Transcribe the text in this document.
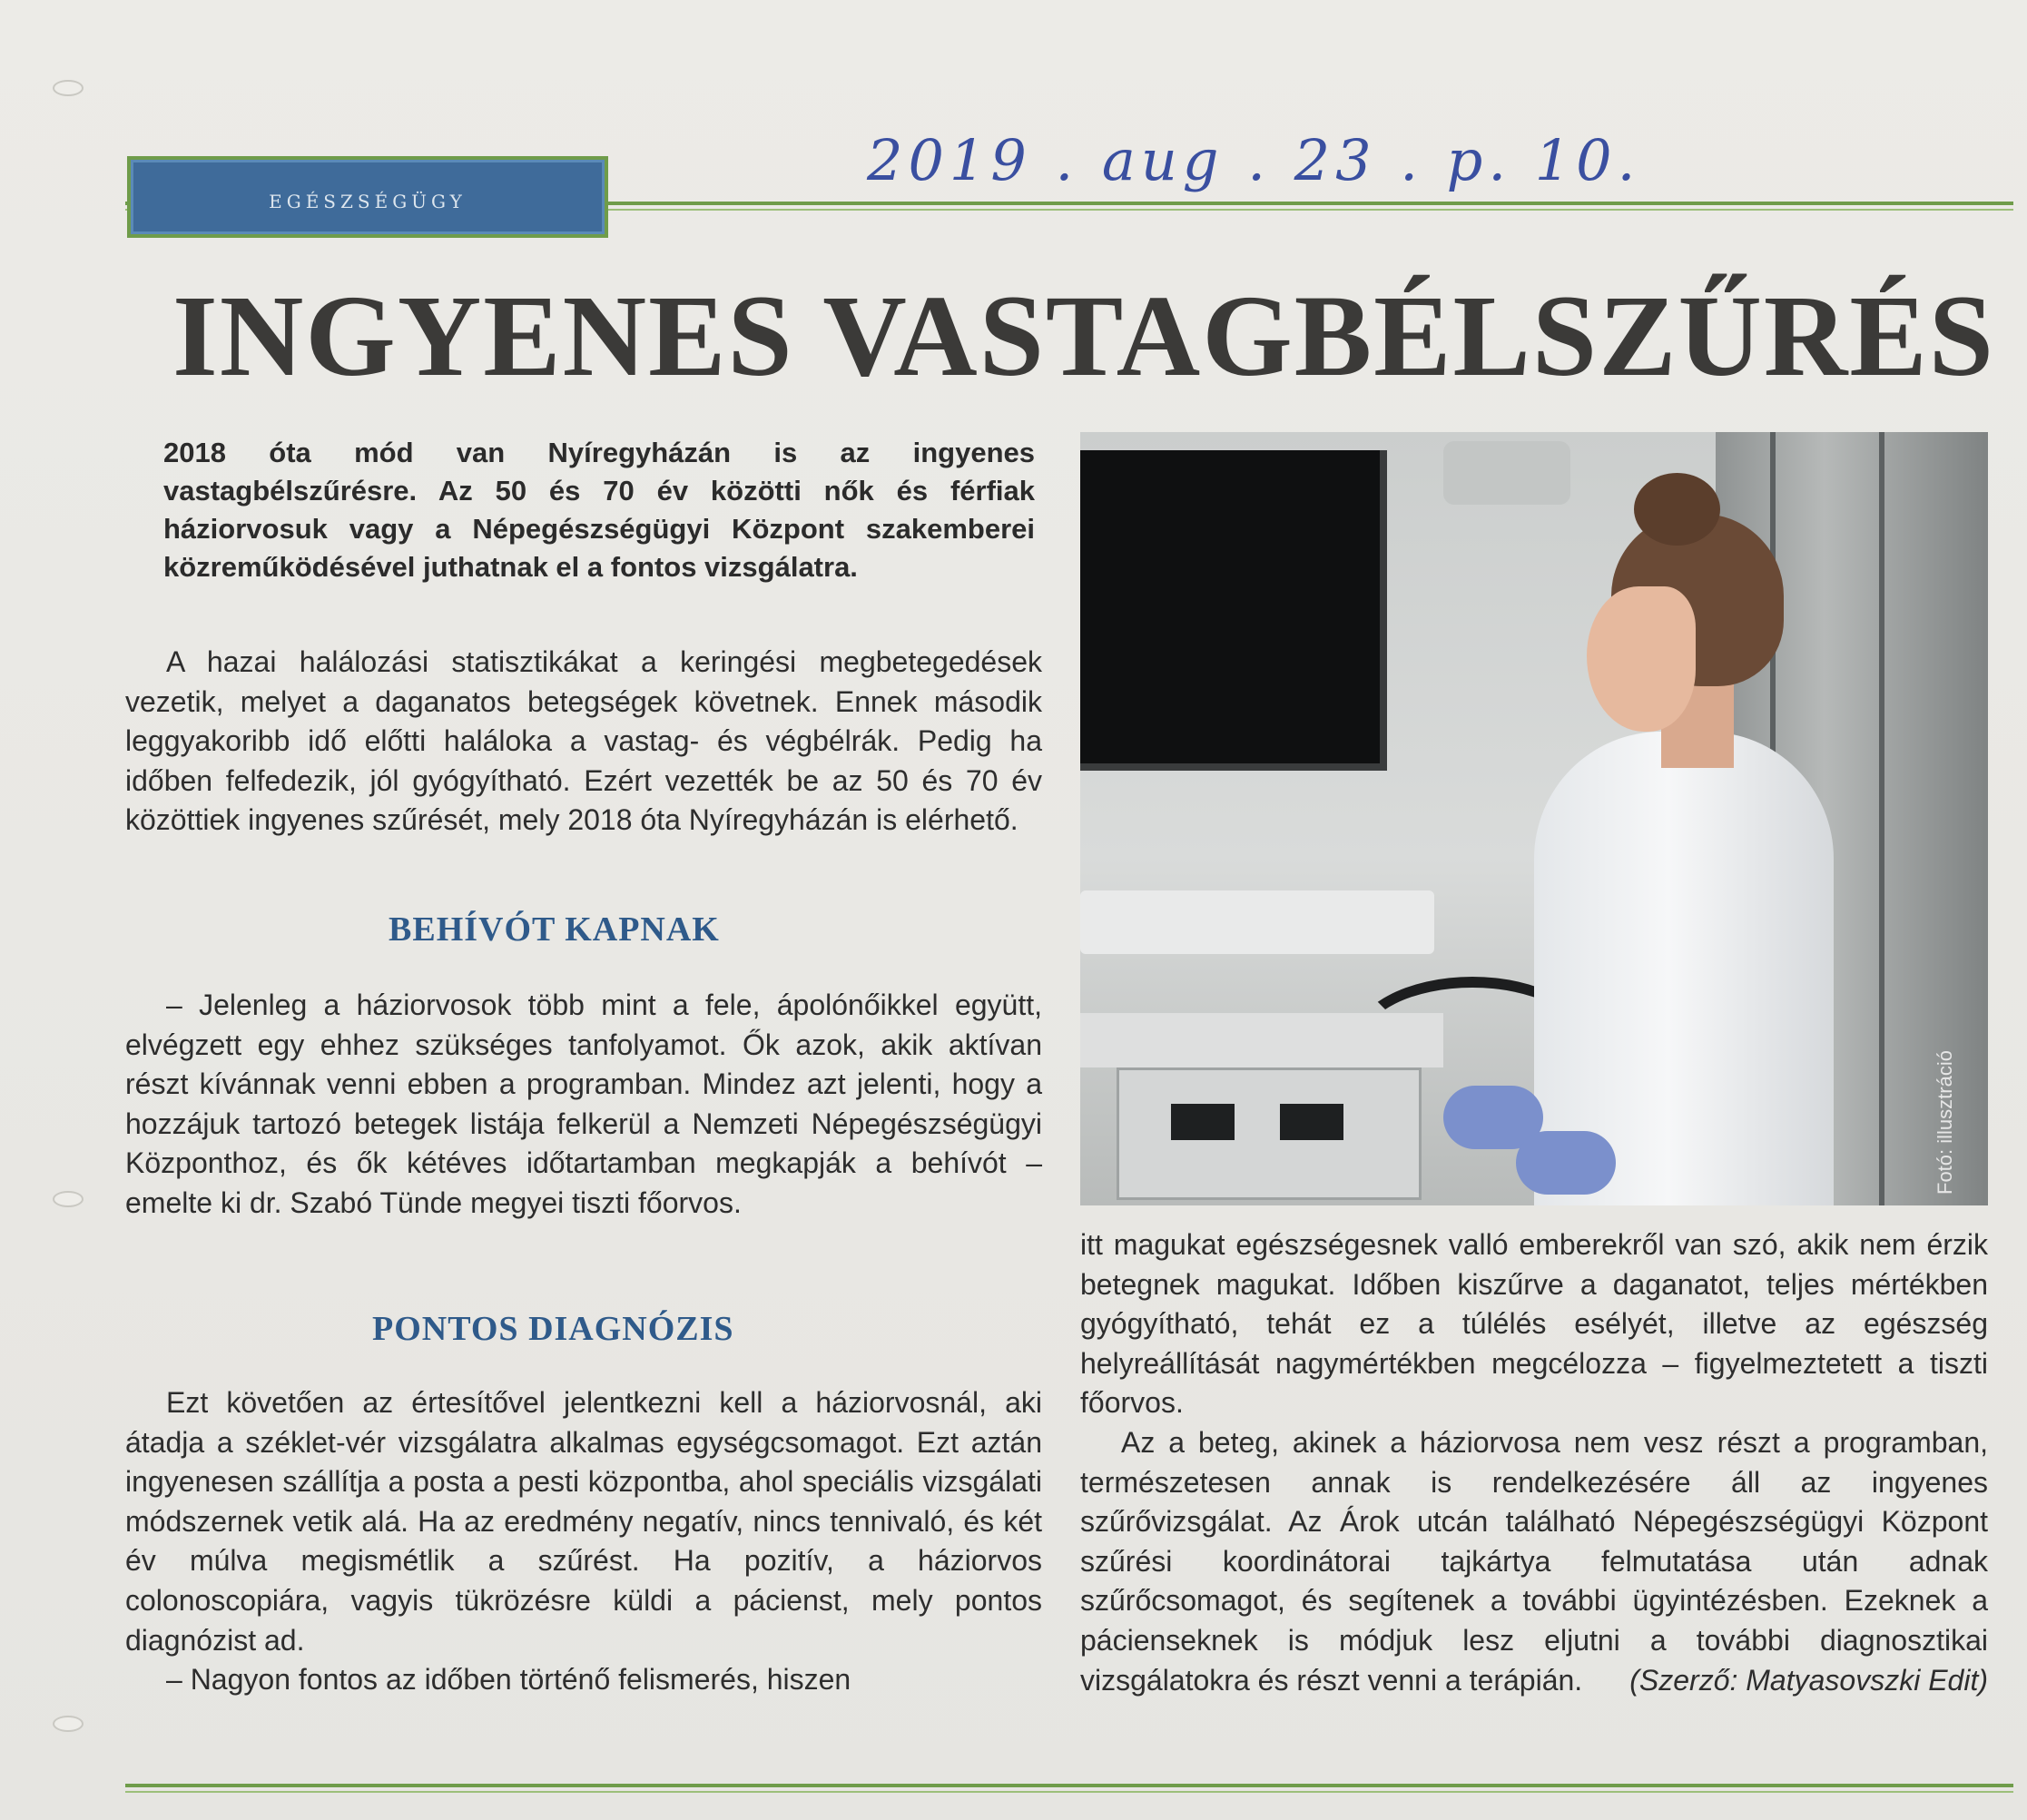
2019 . aug . 23 . p. 10.
EGÉSZSÉGÜGY
INGYENES VASTAGBÉLSZŰRÉS
2018 óta mód van Nyíregyházán is az ingyenes vastagbélszűrésre. Az 50 és 70 év közötti nők és férfiak háziorvosuk vagy a Népegészségügyi Központ szakemberei közreműködésével juthatnak el a fontos vizsgálatra.

A hazai halálozási statisztikákat a keringési megbetegedések vezetik, melyet a daganatos betegségek követnek. Ennek második leggyakoribb idő előtti haláloka a vastag- és végbélrák. Pedig ha időben felfedezik, jól gyógyítható. Ezért vezették be az 50 és 70 év közöttiek ingyenes szűrését, mely 2018 óta Nyíregyházán is elérhető.

BEHÍVÓT KAPNAK

– Jelenleg a háziorvosok több mint a fele, ápolónőikkel együtt, elvégzett egy ehhez szükséges tanfolyamot. Ők azok, akik aktívan részt kívánnak venni ebben a programban. Mindez azt jelenti, hogy a hozzájuk tartozó betegek listája felkerül a Nemzeti Népegészségügyi Központhoz, és ők kétéves időtartamban megkapják a behívót – emelte ki dr. Szabó Tünde megyei tiszti főorvos.

PONTOS DIAGNÓZIS

Ezt követően az értesítővel jelentkezni kell a háziorvosnál, aki átadja a széklet-vér vizsgálatra alkalmas egységcsomagot. Ezt aztán ingyenesen szállítja a posta a pesti központba, ahol speciális vizsgálati módszernek vetik alá. Ha az eredmény negatív, nincs tennivaló, és két év múlva megismétlik a szűrést. Ha pozitív, a háziorvos colonoscopiára, vagyis tükrözésre küldi a pácienst, mely pontos diagnózist ad.

– Nagyon fontos az időben történő felismerés, hiszen

Fotó: illusztráció

itt magukat egészségesnek valló emberekről van szó, akik nem érzik betegnek magukat. Időben kiszűrve a daganatot, teljes mértékben gyógyítható, tehát ez a túlélés esélyét, illetve az egészség helyreállítását nagymértékben megcélozza – figyelmeztetett a tiszti főorvos.

Az a beteg, akinek a háziorvosa nem vesz részt a programban, természetesen annak is rendelkezésére áll az ingyenes szűrővizsgálat. Az Árok utcán található Népegészségügyi Központ szűrési koordinátorai tajkártya felmutatása után adnak szűrőcsomagot, és segítenek a további ügyintézésben. Ezeknek a pácienseknek is módjuk lesz eljutni a további diagnosztikai vizsgálatokra és részt venni a terápián.	(Szerző: Matyasovszki Edit)
